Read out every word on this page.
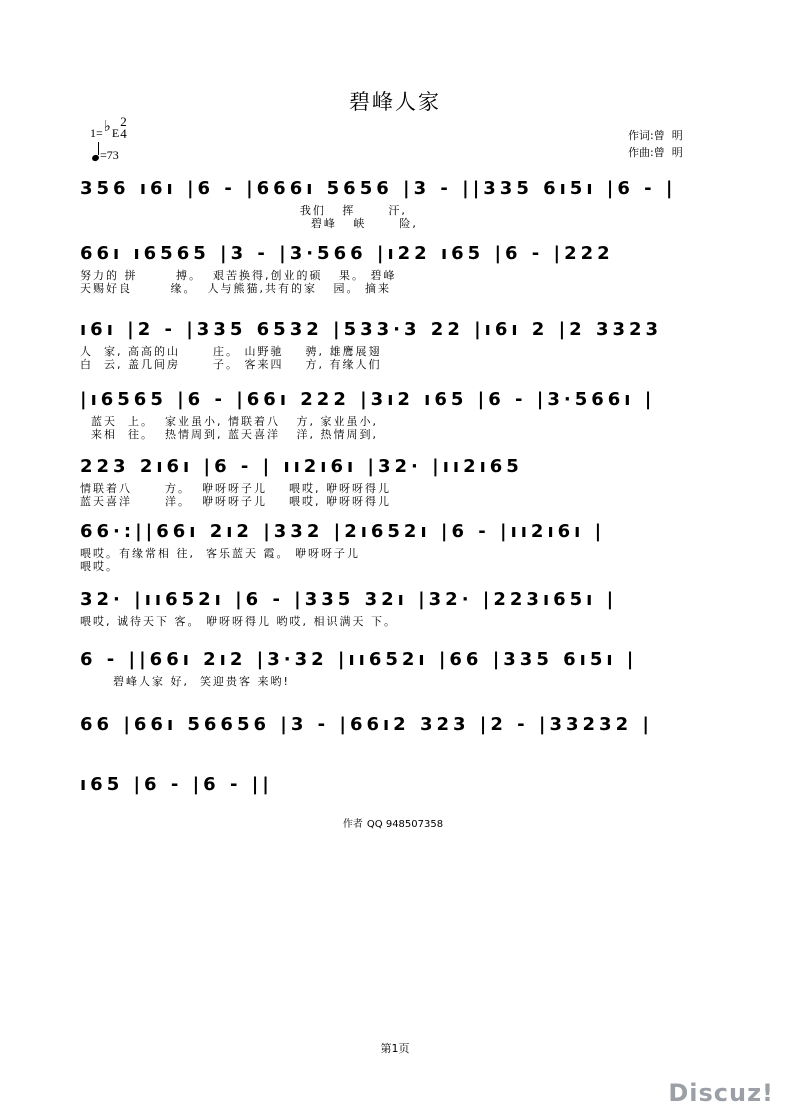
碧峰人家
1=♭E2
4
=73
作词:曾  明
作曲:曾  明
356 ı6ı |6 - |666ı 5656 |3 - ||335 6ı5ı |6 - |
我们   挥      汗,
碧峰   峡      险,
66ı ı6565 |3 - |3·566 |ı22 ı65 |6 - |222
努力的 拼       搏。  艰苦换得,创业的硕   果。 碧峰
天赐好良       缘。  人与熊猫,共有的家   园。 摘来
ı6ı |2 - |335 6532 |533·3 22 |ı6ı 2 |2 3323
人  家, 高高的山      庄。 山野驰    骋, 雄鹰展翅
白  云, 盖几间房      子。 客来四    方, 有缘人们
|ı6565 |6 - |66ı 222 |3ı2 ı65 |6 - |3·566ı |
蓝天  上。  家业虽小, 情联着八   方, 家业虽小,
来相  往。  热情周到, 蓝天喜洋   洋, 热情周到,
223 2ı6ı |6 - | ıı2ı6ı |32· |ıı2ı65
情联着八      方。  咿呀呀子儿    喂哎, 咿呀呀得儿
蓝天喜洋      洋。  咿呀呀子儿    喂哎, 咿呀呀得儿
66·:||66ı 2ı2 |332 |2ı652ı |6 - |ıı2ı6ı |
喂哎。有缘常相 往,  客乐蓝天 霞。 咿呀呀子儿
喂哎。
32· |ıı652ı |6 - |335 32ı |32· |223ı65ı |
喂哎, 诚待天下 客。 咿呀呀得儿 哟哎, 相识满天 下。
6 - ||66ı 2ı2 |3·32 |ıı652ı |66 |335 6ı5ı |
碧峰人家 好,  笑迎贵客 来哟!
66 |66ı 56656 |3 - |66ı2 323 |2 - |33232 |
ı65 |6 - |6 - ||
作者 QQ 948507358
第1页
Discuz!
